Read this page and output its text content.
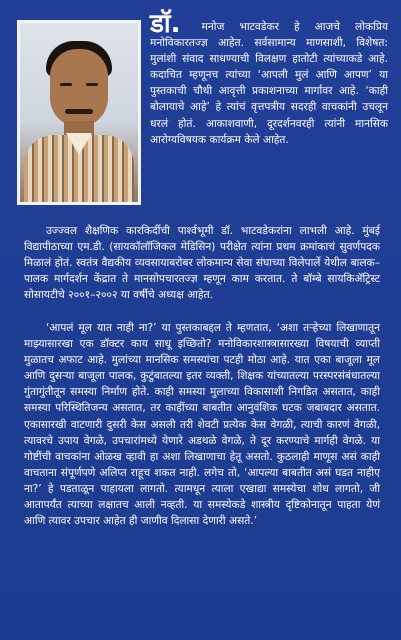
डॉ. मनोज भाटवडेकर हे आजचे लोकप्रिय मनोविकारतज्ज्ञ आहेत. सर्वसामान्य माणसाशी, विशेषत: मुलांशी संवाद साधण्याची विलक्षण हातोटी त्यांच्याकडे आहे. कदाचित म्हणूनच त्यांच्या ‘आपली मुलं आणि आपण’ या पुस्तकाची चौथी आवृत्ती प्रकाशनाच्या मार्गावर आहे. ‘काही बोलायाचे आहे’ हे त्यांचं वृत्तपत्रीय सदरही वाचकांनी उचलून धरलं होतं. आकाशवाणी, दूरदर्शनवरही त्यांनी मानसिक आरोग्यविषयक कार्यक्रम केले आहेत.
उज्ज्वल शैक्षणिक कारकिर्दीची पार्श्वभूमी डॉ. भाटवडेकरांना लाभली आहे. मुंबई विद्यापीठाच्या एम.डी. (सायकॉलॉजिकल मेडिसिन) परीक्षेत त्यांना प्रथम क्रमांकाचं सुवर्णपदक मिळालं होतं. स्वतंत्र वैद्यकीय व्यवसायाबरोबर लोकमान्य सेवा संघाच्या विलेपार्ले येथील बालक–पालक मार्गदर्शन केंद्रात ते मानसोपचारतज्ज्ञ म्हणून काम करतात. ते बॉम्बे सायकिॲट्रिस्ट सोसायटीचे २००१–२००२ या वर्षीचे अध्यक्ष आहेत.
‘आपलं मूल यात नाही ना?’ या पुस्तकाबद्दल ते म्हणतात, ‘अशा तऱ्हेच्या लिखाणातून माझ्यासारखा एक डॉक्टर काय साधू इच्छितो? मनोविकारशास्त्रासारख्या विषयाची व्याप्ती मुळातच अफाट आहे. मुलांच्या मानसिक समस्यांचा पटही मोठा आहे. यात एका बाजूला मूल आणि दुसऱ्या बाजूला पालक, कुटुंबातल्या इतर व्यक्ती, शिक्षक यांच्यातल्या परस्परसंबंधातल्या गुंतागुंतीतून समस्या निर्माण होते. काही समस्या मुलाच्या विकासाशी निगडित असतात, काही समस्या परिस्थितिजन्य असतात, तर काहींच्या बाबतीत आनुवंशिक घटक जबाबदार असतात. एकासारखी वाटणारी दुसरी केस असली तरी शेवटी प्रत्येक केस वेगळी, त्याची कारणं वेगळी, त्यावरचे उपाय वेगळे, उपचारांमध्ये येणारे अडथळे वेगळे, ते दूर करण्याचे मार्गही वेगळे. या गोष्टींची वाचकांना ओळख व्हावी हा अशा लिखाणाचा हेतू असतो. कुठलाही माणूस असं काही वाचताना संपूर्णपणे अलिप्त राहूच शकत नाही. लगेच तो, ‘आपल्या बाबतीत असं घडत नाहीए ना?’ हे पडताळून पाहायला लागतो. त्यामधून त्याला एखाद्या समस्येचा शोध लागतो, जी आतापर्यंत त्याच्या लक्षातच आली नव्हती. या समस्येकडे शास्त्रीय दृष्टिकोनातून पाहता येणं आणि त्यावर उपचार आहेत ही जाणीव दिलासा देणारी असते.’
